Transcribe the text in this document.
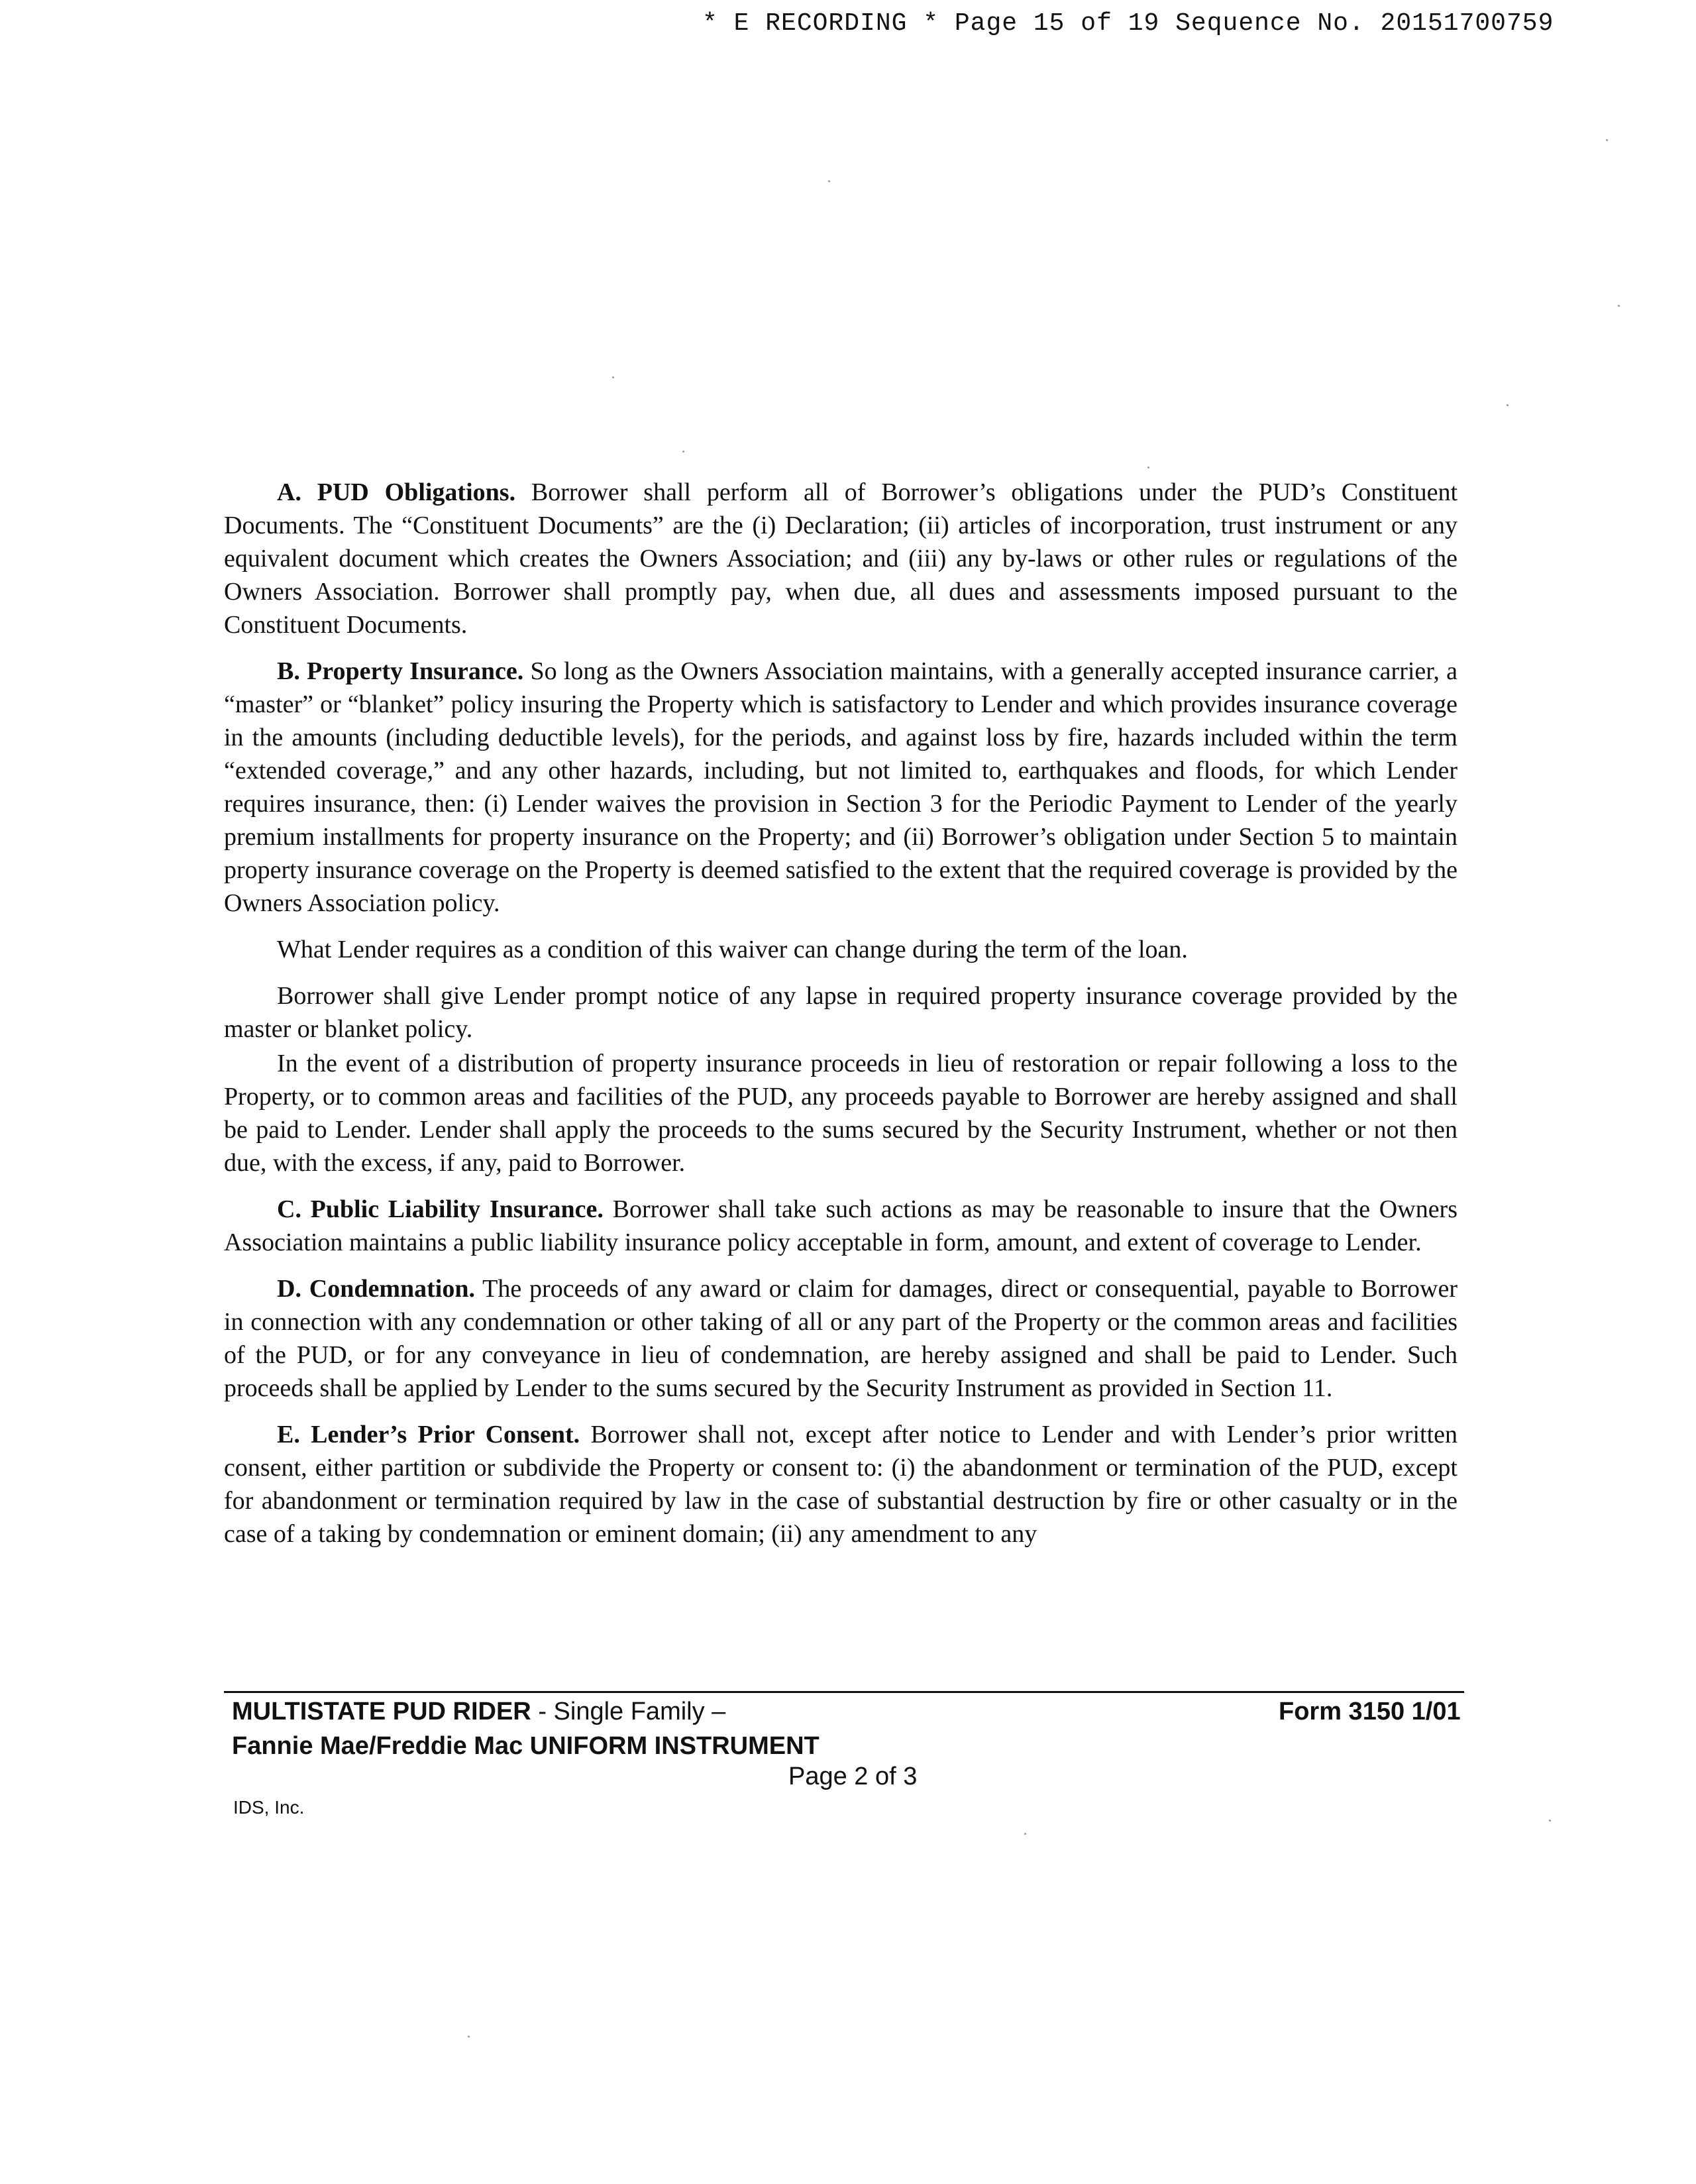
* E RECORDING * Page 15 of 19 Sequence No. 20151700759

A. PUD Obligations. Borrower shall perform all of Borrower’s obligations under the PUD’s Constituent Documents. The “Constituent Documents” are the (i) Declaration; (ii) articles of incorporation, trust instrument or any equivalent document which creates the Owners Association; and (iii) any by-laws or other rules or regulations of the Owners Association. Borrower shall promptly pay, when due, all dues and assessments imposed pursuant to the Constituent Documents.

B. Property Insurance. So long as the Owners Association maintains, with a generally accepted insurance carrier, a “master” or “blanket” policy insuring the Property which is satisfactory to Lender and which provides insurance coverage in the amounts (including deductible levels), for the periods, and against loss by fire, hazards included within the term “extended coverage,” and any other hazards, including, but not limited to, earthquakes and floods, for which Lender requires insurance, then: (i) Lender waives the provision in Section 3 for the Periodic Payment to Lender of the yearly premium installments for property insurance on the Property; and (ii) Borrower’s obligation under Section 5 to maintain property insurance coverage on the Property is deemed satisfied to the extent that the required coverage is provided by the Owners Association policy.

What Lender requires as a condition of this waiver can change during the term of the loan.

Borrower shall give Lender prompt notice of any lapse in required property insurance coverage provided by the master or blanket policy.

In the event of a distribution of property insurance proceeds in lieu of restoration or repair following a loss to the Property, or to common areas and facilities of the PUD, any proceeds payable to Borrower are hereby assigned and shall be paid to Lender. Lender shall apply the proceeds to the sums secured by the Security Instrument, whether or not then due, with the excess, if any, paid to Borrower.

C. Public Liability Insurance. Borrower shall take such actions as may be reasonable to insure that the Owners Association maintains a public liability insurance policy acceptable in form, amount, and extent of coverage to Lender.

D. Condemnation. The proceeds of any award or claim for damages, direct or consequential, payable to Borrower in connection with any condemnation or other taking of all or any part of the Property or the common areas and facilities of the PUD, or for any conveyance in lieu of condemnation, are hereby assigned and shall be paid to Lender. Such proceeds shall be applied by Lender to the sums secured by the Security Instrument as provided in Section 11.

E. Lender’s Prior Consent. Borrower shall not, except after notice to Lender and with Lender’s prior written consent, either partition or subdivide the Property or consent to: (i) the abandonment or termination of the PUD, except for abandonment or termination required by law in the case of substantial destruction by fire or other casualty or in the case of a taking by condemnation or eminent domain; (ii) any amendment to any

MULTISTATE PUD RIDER - Single Family –
Fannie Mae/Freddie Mac UNIFORM INSTRUMENT
Form 3150 1/01
Page 2 of 3
IDS, Inc.
